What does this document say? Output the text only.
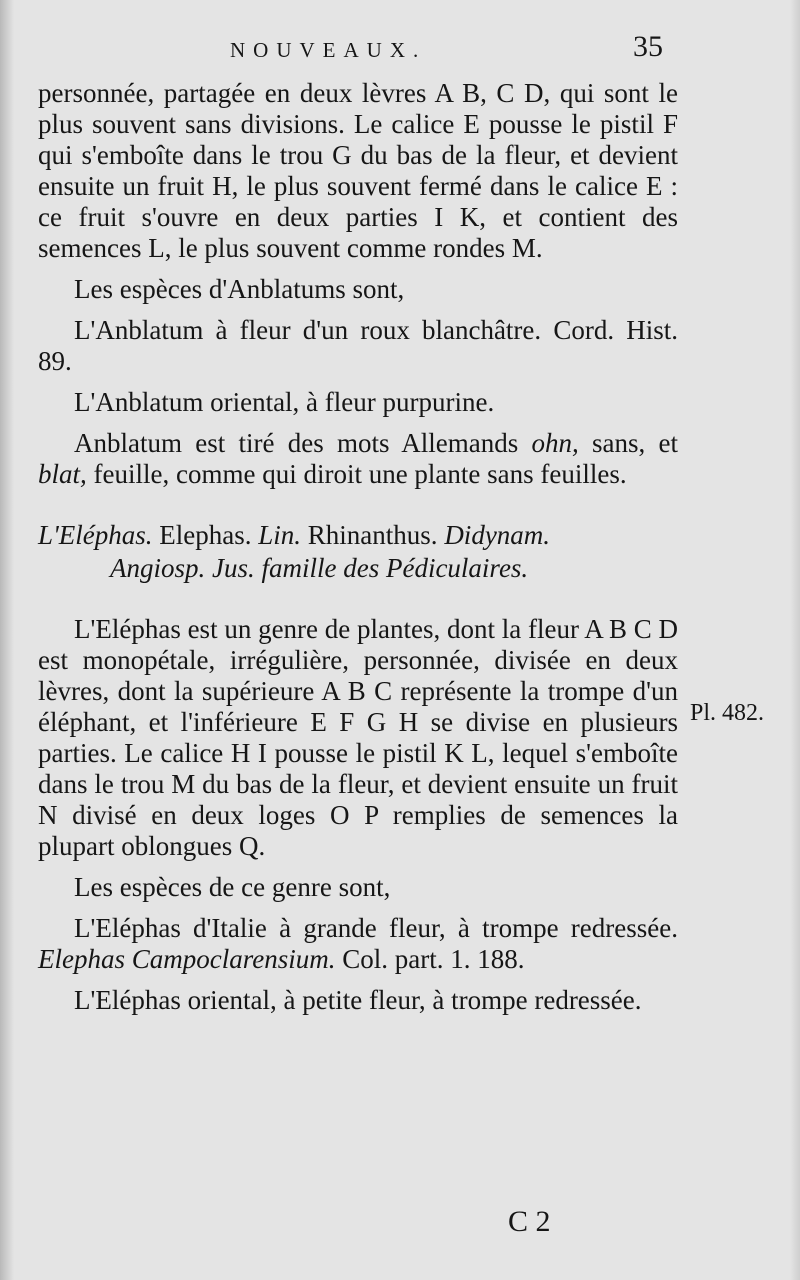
NOUVEAUX.	35

personnée, partagée en deux lèvres A B, C D, qui sont le plus souvent sans divisions. Le calice E pousse le pistil F qui s'emboîte dans le trou G du bas de la fleur, et devient ensuite un fruit H, le plus souvent fermé dans le calice E : ce fruit s'ouvre en deux parties I K, et contient des semences L, le plus souvent comme rondes M.

Les espèces d'Anblatums sont,

L'Anblatum à fleur d'un roux blanchâtre. Cord. Hist. 89.

L'Anblatum oriental, à fleur purpurine.

Anblatum est tiré des mots Allemands ohn, sans, et blat, feuille, comme qui diroit une plante sans feuilles.

L'Eléphas. Elephas. Lin. Rhinanthus. Didynam.

Angiosp. Jus. famille des Pédiculaires.

L'Eléphas est un genre de plantes, dont la fleur A B C D est monopétale, irrégulière, personnée, divisée en deux lèvres, dont la supérieure A B C représente la trompe d'un éléphant, et l'inférieure E F G H se divise en plusieurs parties. Le calice H I pousse le pistil K L, lequel s'emboîte dans le trou M du bas de la fleur, et devient ensuite un fruit N divisé en deux loges O P remplies de semences la plupart oblongues Q.

Les espèces de ce genre sont,

L'Eléphas d'Italie à grande fleur, à trompe redressée. Elephas Campoclarensium. Col. part. 1. 188.

L'Eléphas oriental, à petite fleur, à trompe redressée.

Pl. 482.
C 2
